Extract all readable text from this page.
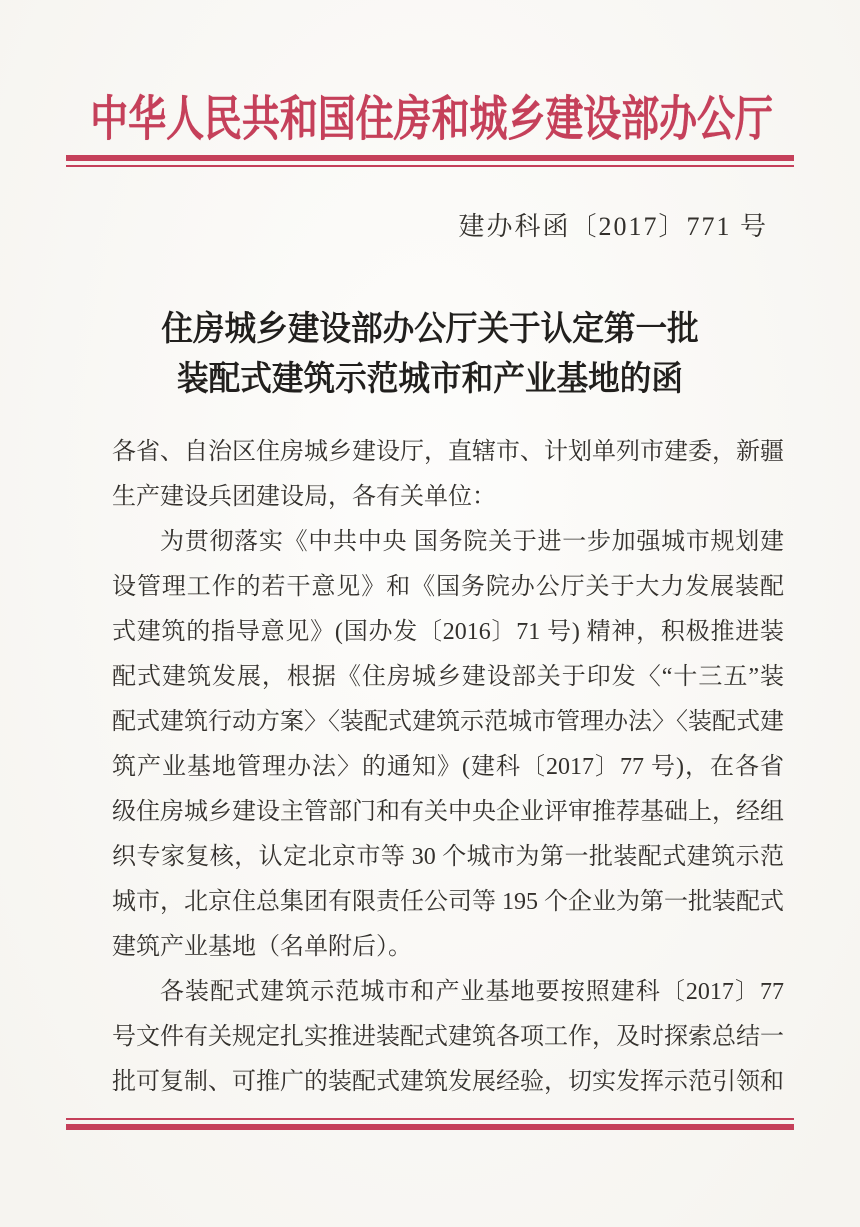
中华人民共和国住房和城乡建设部办公厅
建办科函〔2017〕771 号
住房城乡建设部办公厅关于认定第一批
装配式建筑示范城市和产业基地的函
各省、自治区住房城乡建设厅，直辖市、计划单列市建委，新疆
生产建设兵团建设局，各有关单位：
为贯彻落实《中共中央 国务院关于进一步加强城市规划建
设管理工作的若干意见》和《国务院办公厅关于大力发展装配
式建筑的指导意见》(国办发〔2016〕71 号) 精神，积极推进装
配式建筑发展，根据《住房城乡建设部关于印发〈“十三五”装
配式建筑行动方案〉〈装配式建筑示范城市管理办法〉〈装配式建
筑产业基地管理办法〉的通知》(建科〔2017〕77 号)，在各省
级住房城乡建设主管部门和有关中央企业评审推荐基础上，经组
织专家复核，认定北京市等 30 个城市为第一批装配式建筑示范
城市，北京住总集团有限责任公司等 195 个企业为第一批装配式
建筑产业基地（名单附后）。
各装配式建筑示范城市和产业基地要按照建科〔2017〕77
号文件有关规定扎实推进装配式建筑各项工作，及时探索总结一
批可复制、可推广的装配式建筑发展经验，切实发挥示范引领和
